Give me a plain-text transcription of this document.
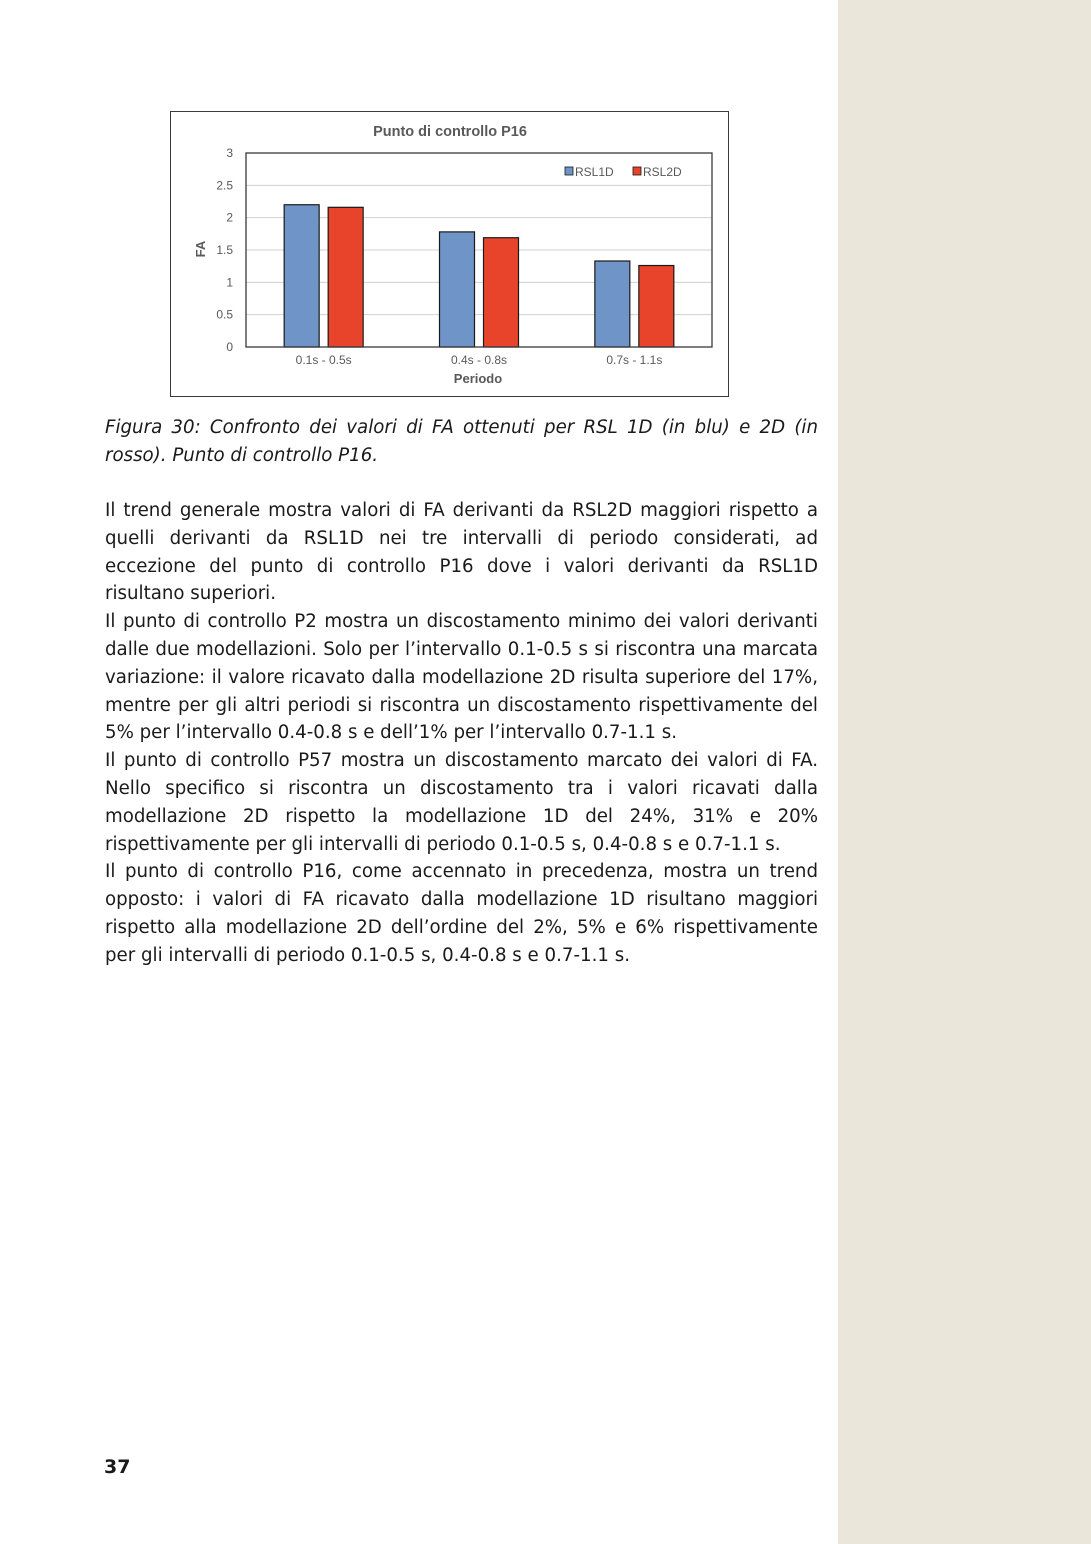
Punto di controllo P16
FA
Periodo
0
0.5
1
1.5
2
2.5
3
0.1s - 0.5s	0.4s - 0.8s	0.7s - 1.1s
RSL1D RSL2D

Figura 30: Confronto dei valori di FA ottenuti per RSL 1D (in blu) e 2D (in rosso). Punto di controllo P16.

Il trend generale mostra valori di FA derivanti da RSL2D maggiori rispetto a quelli derivanti da RSL1D nei tre intervalli di periodo considerati, ad eccezione del punto di controllo P16 dove i valori derivanti da RSL1D risultano superiori.

Il punto di controllo P2 mostra un discostamento minimo dei valori derivanti dalle due modellazioni. Solo per l’intervallo 0.1-0.5 s si riscontra una marcata variazione: il valore ricavato dalla modellazione 2D risulta superiore del 17%, mentre per gli altri periodi si riscontra un discostamento rispettivamente del 5% per l’intervallo 0.4-0.8 s e dell’1% per l’intervallo 0.7-1.1 s.

Il punto di controllo P57 mostra un discostamento marcato dei valori di FA. Nello specifico si riscontra un discostamento tra i valori ricavati dalla modellazione 2D rispetto la modellazione 1D del 24%, 31% e 20% rispettivamente per gli intervalli di periodo 0.1-0.5 s, 0.4-0.8 s e 0.7-1.1 s.

Il punto di controllo P16, come accennato in precedenza, mostra un trend opposto: i valori di FA ricavato dalla modellazione 1D risultano maggiori rispetto alla modellazione 2D dell’ordine del 2%, 5% e 6% rispettivamente per gli intervalli di periodo 0.1-0.5 s, 0.4-0.8 s e 0.7-1.1 s.

37
